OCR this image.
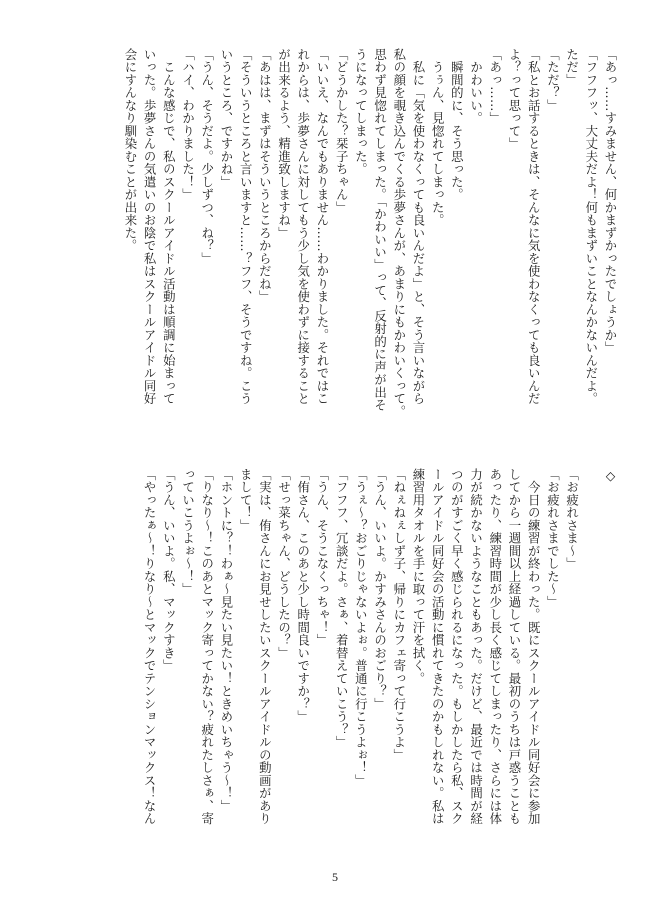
「あっ……すみません、何かまずかったでしょうか」
「フフフッ、大丈夫だよ！何もまずいことなんかないんだよ。
ただ」
「ただ？」
「私とお話するときは、そんなに気を使わなくっても良いんだ
よ？って思って」
「あっ……」
　かわいい。
　瞬間的に、そう思った。
　うぅん、見惚れてしまった。
　私に「気を使わなくっても良いんだよ」と、そう言いながら
私の顔を覗き込んでくる歩夢さんが、あまりにもかわいくって。
思わず見惚れてしまった。「かわいい」って、反射的に声が出そ
うになってしまった。
「どうかした？栞子ちゃん」
「いいえ、なんでもありません……わかりました。それではこ
れからは、歩夢さんに対してもう少し気を使わずに接すること
が出来るよう、精進致しますね」
「あはは、まずはそういうところからだね」
「そういうところと言いますと……？フフ、そうですね。こう
いうところ、ですかね」
「うん、そうだよ。少しずつ、ね？」
「ハイ、わかりました！」
　こんな感じで、私のスクールアイドル活動は順調に始まって
いった。歩夢さんの気遣いのお陰で私はスクールアイドル同好
会にすんなり馴染むことが出来た。
◇

「お疲れさま〜」
「お疲れさまでした〜」
　今日の練習が終わった。既にスクールアイドル同好会に参加
してから一週間以上経過している。最初のうちは戸惑うことも
あったり、練習時間が少し長く感じてしまったり、さらには体
力が続かないようなこともあった。だけど、最近では時間が経
つのがすごく早く感じられるになった。もしかしたら私、スク
ールアイドル同好会の活動に慣れてきたのかもしれない。私は
練習用タオルを手に取って汗を拭く。
「ねぇねぇしず子、帰りにカフェ寄って行こうよ」
「うん、いいよ。かすみさんのおごり？」
「うぇ〜？おごりじゃないよぉ。普通に行こうよぉ！」
「フフフ、冗談だよ。さぁ、着替えていこう？」
「うん、そうこなくっちゃ！」
「侑さん、このあと少し時間良いですか？」
「せっ菜ちゃん、どうしたの？」
「実は、侑さんにお見せしたいスクールアイドルの動画があり
まして！」
「ホントに？！わぁ〜見たい見たい！ときめいちゃう〜！」
「りなり〜！このあとマック寄ってかない？疲れたしさぁ、寄
っていこうよぉ〜！」
「うん、いいよ。私、マックすき」
「やったぁ〜！りなり〜とマックでテンションマックス！なん
5
